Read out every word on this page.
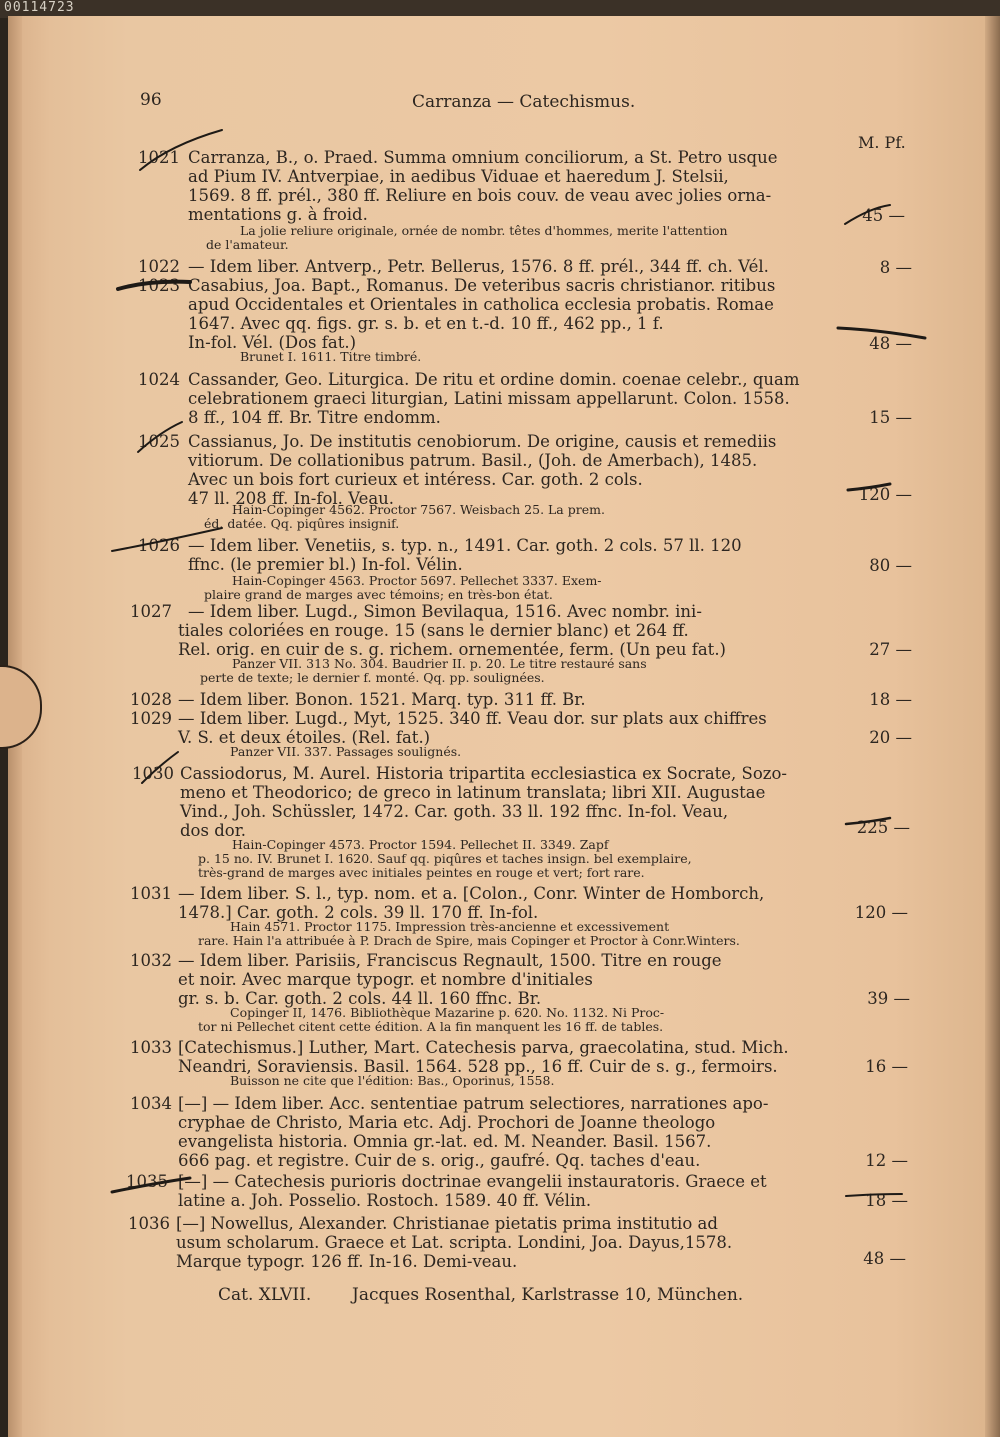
00114723
96	Carranza — Catechismus.
M. Pf.
1021 Carranza, B., o. Praed. Summa omnium conciliorum, a St. Petro usque
ad Pium IV. Antverpiae, in aedibus Viduae et haeredum J. Stelsii,
1569. 8 ff. prél., 380 ff. Reliure en bois couv. de veau avec jolies orna-
mentations g. à froid.
La jolie reliure originale, ornée de nombr. têtes d'hommes, merite l'attention
de l'amateur.
45 —
1022 — Idem liber. Antverp., Petr. Bellerus, 1576. 8 ff. prél., 344 ff. ch. Vél.	8 —
1023 Casabius, Joa. Bapt., Romanus. De veteribus sacris christianor. ritibus
apud Occidentales et Orientales in catholica ecclesia probatis. Romae
1647. Avec qq. figs. gr. s. b. et en t.-d. 10 ff., 462 pp., 1 f.
In-fol. Vél. (Dos fat.)
Brunet I. 1611. Titre timbré.
48 —
1024 Cassander, Geo. Liturgica. De ritu et ordine domin. coenae celebr., quam
celebrationem graeci liturgian, Latini missam appellarunt. Colon. 1558.
8 ff., 104 ff. Br. Titre endomm.	15 —
1025 Cassianus, Jo. De institutis cenobiorum. De origine, causis et remediis
vitiorum. De collationibus patrum. Basil., (Joh. de Amerbach), 1485.
Avec un bois fort curieux et intéress. Car. goth. 2 cols.
47 ll. 208 ff. In-fol. Veau.
Hain-Copinger 4562. Proctor 7567. Weisbach 25. La prem.
éd. datée. Qq. piqûres insignif.
120 —
1026 — Idem liber. Venetiis, s. typ. n., 1491. Car. goth. 2 cols. 57 ll. 120
ffnc. (le premier bl.) In-fol. Vélin.
Hain-Copinger 4563. Proctor 5697. Pellechet 3337. Exem-
plaire grand de marges avec témoins; en très-bon état.
80 —
1027 — Idem liber. Lugd., Simon Bevilaqua, 1516. Avec nombr. ini-
tiales coloriées en rouge. 15 (sans le dernier blanc) et 264 ff.
Rel. orig. en cuir de s. g. richem. ornementée, ferm. (Un peu fat.)
Panzer VII. 313 No. 304. Baudrier II. p. 20. Le titre restauré sans
perte de texte; le dernier f. monté. Qq. pp. soulignées.
27 —
1028 — Idem liber. Bonon. 1521. Marq. typ. 311 ff. Br.	18 —
1029 — Idem liber. Lugd., Myt, 1525. 340 ff. Veau dor. sur plats aux chiffres
V. S. et deux étoiles. (Rel. fat.)
Panzer VII. 337. Passages soulignés.
20 —
1030 Cassiodorus, M. Aurel. Historia tripartita ecclesiastica ex Socrate, Sozo-
meno et Theodorico; de greco in latinum translata; libri XII. Augustae
Vind., Joh. Schüssler, 1472. Car. goth. 33 ll. 192 ffnc. In-fol. Veau,
dos dor.
Hain-Copinger 4573. Proctor 1594. Pellechet II. 3349. Zapf
p. 15 no. IV. Brunet I. 1620. Sauf qq. piqûres et taches insign. bel exemplaire,
très-grand de marges avec initiales peintes en rouge et vert; fort rare.
225 —
1031 — Idem liber. S. l., typ. nom. et a. [Colon., Conr. Winter de Homborch,
1478.] Car. goth. 2 cols. 39 ll. 170 ff. In-fol.
Hain 4571. Proctor 1175. Impression très-ancienne et excessivement
rare. Hain l'a attribuée à P. Drach de Spire, mais Copinger et Proctor à Conr.Winters.
120 —
1032 — Idem liber. Parisiis, Franciscus Regnault, 1500. Titre en rouge
et noir. Avec marque typogr. et nombre d'initiales
gr. s. b. Car. goth. 2 cols. 44 ll. 160 ffnc. Br.
Copinger II, 1476. Bibliothèque Mazarine p. 620. No. 1132. Ni Proc-
tor ni Pellechet citent cette édition. A la fin manquent les 16 ff. de tables.
39 —
1033 [Catechismus.] Luther, Mart. Catechesis parva, graecolatina, stud. Mich.
Neandri, Soraviensis. Basil. 1564. 528 pp., 16 ff. Cuir de s. g., fermoirs.
Buisson ne cite que l'édition: Bas., Oporinus, 1558.
16 —
1034 [—] — Idem liber. Acc. sententiae patrum selectiores, narrationes apo-
cryphae de Christo, Maria etc. Adj. Prochori de Joanne theologo
evangelista historia. Omnia gr.-lat. ed. M. Neander. Basil. 1567.
666 pag. et registre. Cuir de s. orig., gaufré. Qq. taches d'eau.	12 —
1035 [—] — Catechesis purioris doctrinae evangelii instauratoris. Graece et
latine a. Joh. Posselio. Rostoch. 1589. 40 ff. Vélin.	18 —
1036 [—] Nowellus, Alexander. Christianae pietatis prima institutio ad
usum scholarum. Graece et Lat. scripta. Londini, Joa. Dayus,1578.
Marque typogr. 126 ff. In-16. Demi-veau.	48 —
Cat. XLVII. Jacques Rosenthal, Karlstrasse 10, München.
